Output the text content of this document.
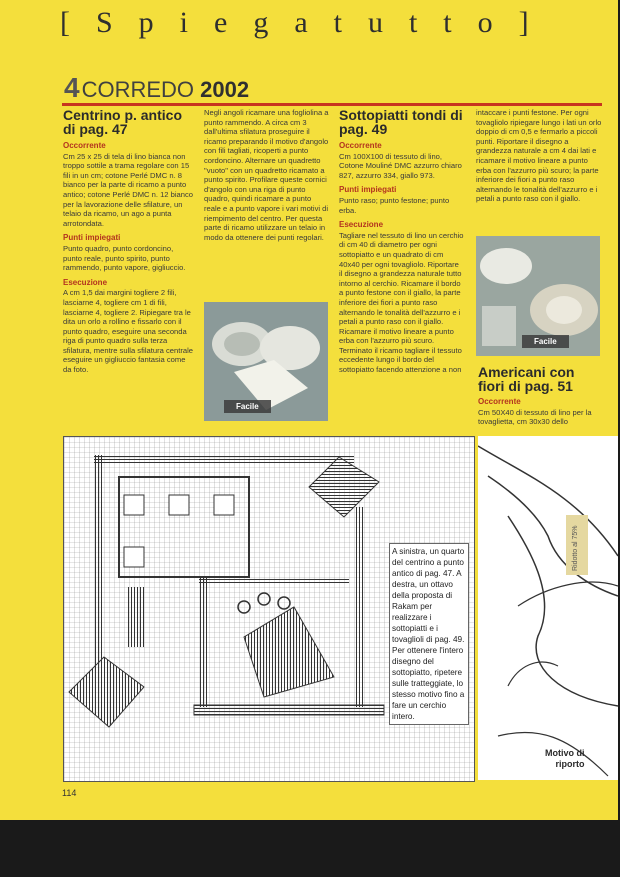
[Spiegatutto]
4CORREDO 2002
Centrino p. antico di pag. 47
Occorrente

Cm 25 x 25 di tela di lino bianca non troppo sottile a trama regolare con 15 fili in un cm; cotone Perlé DMC n. 8 bianco per la parte di ricamo a punto antico; cotone Perlé DMC n. 12 bianco per la lavorazione delle sfilature, un telaio da ricamo, un ago a punta arrotondata.

Punti impiegati

Punto quadro, punto cordoncino, punto reale, punto spirito, punto rammendo, punto vapore, gigliuccio.

Esecuzione

A cm 1,5 dai margini togliere 2 fili, lasciarne 4, togliere cm 1 di fili, lasciarne 4, togliere 2. Ripiegare tra le dita un orlo a rollino e fissarlo con il punto quadro, eseguire una seconda riga di punto quadro sulla terza sfilatura, mentre sulla sfilatura centrale eseguire un gigliuccio fantasia come da foto.

Negli angoli ricamare una fogliolina a punto rammendo. A circa cm 3 dall'ultima sfilatura proseguire il ricamo preparando il motivo d'angolo con fili tagliati, ricoperti a punto cordoncino. Alternare un quadretto "vuoto" con un quadretto ricamato a punto spirito. Profilare queste cornici d'angolo con una riga di punto quadro, quindi ricamare a punto reale e a punto vapore i vari motivi di riempimento del centro. Per questa parte di ricamo utilizzare un telaio in modo da ottenere dei punti regolari.

Facile
Sottopiatti tondi di pag. 49
Occorrente

Cm 100X100 di tessuto di lino, Cotone Mouliné DMC azzurro chiaro 827, azzurro 334, giallo 973.

Punti impiegati

Punto raso; punto festone; punto erba.

Esecuzione

Tagliare nel tessuto di lino un cerchio di cm 40 di diametro per ogni sottopiatto e un quadrato di cm 40x40 per ogni tovagliolo. Riportare il disegno a grandezza naturale tutto intorno al cerchio. Ricamare il bordo a punto festone con il giallo, la parte inferiore dei fiori a punto raso alternando le tonalità dell'azzurro e i petali a punto raso con il giallo. Ricamare il motivo lineare a punto erba con l'azzurro più scuro. Terminato il ricamo tagliare il tessuto eccedente lungo il bordo del sottopiatto facendo attenzione a non

intaccare i punti festone. Per ogni tovagliolo ripiegare lungo i lati un orlo doppio di cm 0,5 e fermarlo a piccoli punti. Riportare il disegno a grandezza naturale a cm 4 dai lati e ricamare il motivo lineare a punto erba con l'azzurro più scuro; la parte inferiore dei fiori a punto raso alternando le tonalità dell'azzurro e i petali a punto raso con il giallo.

Facile
Americani con fiori di pag. 51
Occorrente

Cm 50X40 di tessuto di lino per la tovaglietta, cm 30x30 dello

A sinistra, un quarto del centrino a punto antico di pag. 47. A destra, un ottavo della proposta di Rakam per realizzare i sottopiatti e i tovaglioli di pag. 49. Per ottenere l'intero disegno del sottopiatto, ripetere sulle tratteggiate, lo stesso motivo fino a fare un cerchio intero.
Ridotto al 75%
Motivo di
riporto
114
